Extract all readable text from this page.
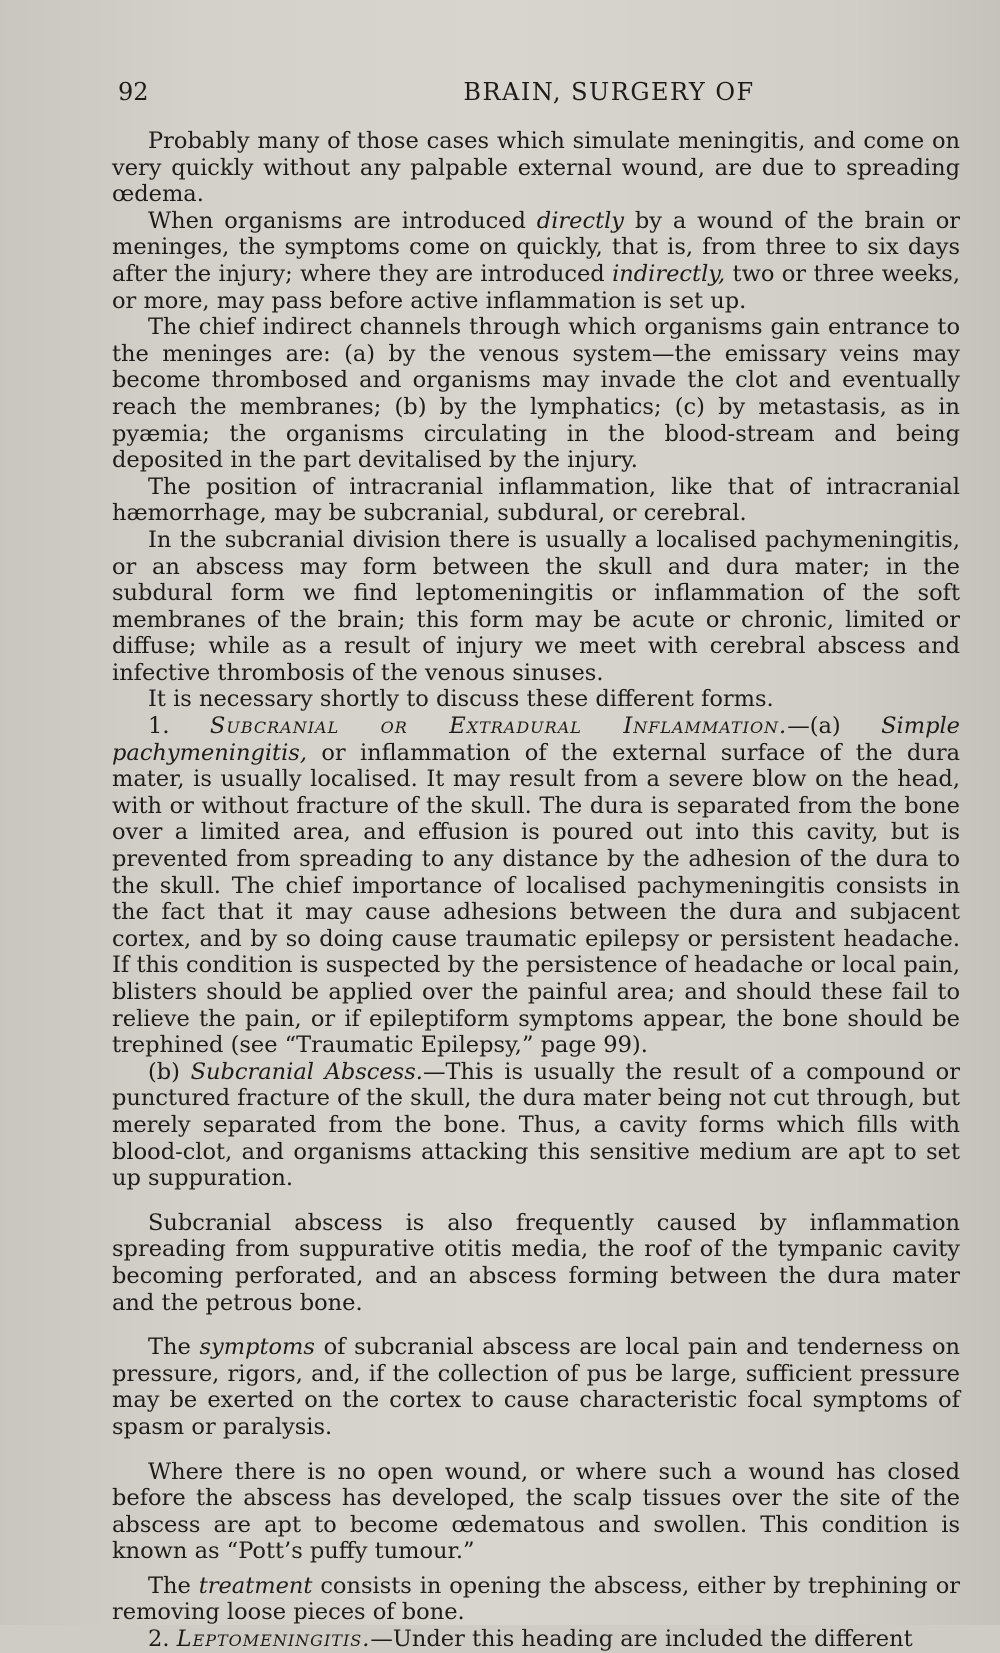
92	BRAIN, SURGERY OF

Probably many of those cases which simulate meningitis, and come on very quickly without any palpable external wound, are due to spreading œdema.

When organisms are introduced directly by a wound of the brain or meninges, the symptoms come on quickly, that is, from three to six days after the injury; where they are introduced indirectly, two or three weeks, or more, may pass before active inflammation is set up.

The chief indirect channels through which organisms gain entrance to the meninges are: (a) by the venous system—the emissary veins may become thrombosed and organisms may invade the clot and eventually reach the membranes; (b) by the lymphatics; (c) by metastasis, as in pyæmia; the organisms circulating in the blood-stream and being deposited in the part devitalised by the injury.

The position of intracranial inflammation, like that of intracranial hæmorrhage, may be subcranial, subdural, or cerebral.

In the subcranial division there is usually a localised pachymeningitis, or an abscess may form between the skull and dura mater; in the subdural form we find leptomeningitis or inflammation of the soft membranes of the brain; this form may be acute or chronic, limited or diffuse; while as a result of injury we meet with cerebral abscess and infective thrombosis of the venous sinuses.

It is necessary shortly to discuss these different forms.

1. Subcranial or Extradural Inflammation.—(a) Simple pachymeningitis, or inflammation of the external surface of the dura mater, is usually localised. It may result from a severe blow on the head, with or without fracture of the skull. The dura is separated from the bone over a limited area, and effusion is poured out into this cavity, but is prevented from spreading to any distance by the adhesion of the dura to the skull. The chief importance of localised pachymeningitis consists in the fact that it may cause adhesions between the dura and subjacent cortex, and by so doing cause traumatic epilepsy or persistent headache. If this condition is suspected by the persistence of headache or local pain, blisters should be applied over the painful area; and should these fail to relieve the pain, or if epileptiform symptoms appear, the bone should be trephined (see “Traumatic Epilepsy,” page 99).

(b) Subcranial Abscess.—This is usually the result of a compound or punctured fracture of the skull, the dura mater being not cut through, but merely separated from the bone. Thus, a cavity forms which fills with blood-clot, and organisms attacking this sensitive medium are apt to set up suppuration.

Subcranial abscess is also frequently caused by inflammation spreading from suppurative otitis media, the roof of the tympanic cavity becoming perforated, and an abscess forming between the dura mater and the petrous bone.

The symptoms of subcranial abscess are local pain and tenderness on pressure, rigors, and, if the collection of pus be large, sufficient pressure may be exerted on the cortex to cause characteristic focal symptoms of spasm or paralysis.

Where there is no open wound, or where such a wound has closed before the abscess has developed, the scalp tissues over the site of the abscess are apt to become œdematous and swollen. This condition is known as “Pott’s puffy tumour.”

The treatment consists in opening the abscess, either by trephining or removing loose pieces of bone.

2. Leptomeningitis.—Under this heading are included the different
